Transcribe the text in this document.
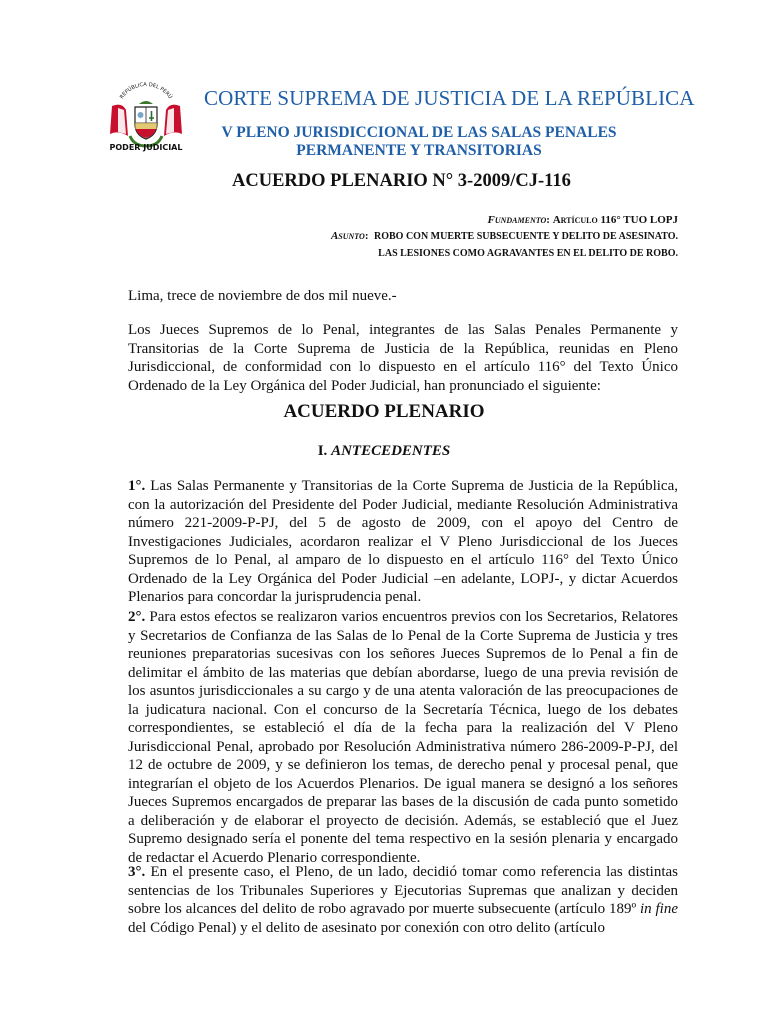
REPÚBLICA DEL PERÚ
PODER JUDICIAL
CORTE SUPREMA DE JUSTICIA DE LA REPÚBLICA
V PLENO JURISDICCIONAL DE LAS SALAS PENALES
PERMANENTE Y TRANSITORIAS
ACUERDO PLENARIO N° 3-2009/CJ-116
Fundamento: Artículo 116° TUO LOPJ
Asunto:  ROBO CON MUERTE SUBSECUENTE Y DELITO DE ASESINATO.
LAS LESIONES COMO AGRAVANTES EN EL DELITO DE ROBO.
Lima, trece de noviembre de dos mil nueve.-
Los Jueces Supremos de lo Penal, integrantes de las Salas Penales Permanente y Transitorias de la Corte Suprema de Justicia de la República, reunidas en Pleno Jurisdiccional, de conformidad con lo dispuesto en el artículo 116° del Texto Único Ordenado de la Ley Orgánica del Poder Judicial, han pronunciado el siguiente:
ACUERDO PLENARIO
I. ANTECEDENTES
1°. Las Salas Permanente y Transitorias de la Corte Suprema de Justicia de la República, con la autorización del Presidente del Poder Judicial, mediante Resolución Administrativa número 221-2009-P-PJ, del 5 de agosto de 2009, con el apoyo del Centro de Investigaciones Judiciales, acordaron realizar el V Pleno Jurisdiccional de los Jueces Supremos de lo Penal, al amparo de lo dispuesto en el artículo 116° del Texto Único Ordenado de la Ley Orgánica del Poder Judicial –en adelante, LOPJ-, y dictar Acuerdos Plenarios para concordar la jurisprudencia penal.
2°. Para estos efectos se realizaron varios encuentros previos con los Secretarios, Relatores y Secretarios de Confianza de las Salas de lo Penal de la Corte Suprema de Justicia y tres reuniones preparatorias sucesivas con los señores Jueces Supremos de lo Penal a fin de delimitar el ámbito de las materias que debían abordarse, luego de una previa revisión de los asuntos jurisdiccionales a su cargo y de una atenta valoración de las preocupaciones de la judicatura nacional. Con el concurso de la Secretaría Técnica, luego de los debates correspondientes, se estableció el día de la fecha para la realización del V Pleno Jurisdiccional Penal, aprobado por Resolución Administrativa número 286-2009-P-PJ, del 12 de octubre de 2009, y se definieron los temas, de derecho penal y procesal penal, que integrarían el objeto de los Acuerdos Plenarios. De igual manera se designó a los señores Jueces Supremos encargados de preparar las bases de la discusión de cada punto sometido a deliberación y de elaborar el proyecto de decisión. Además, se estableció que el Juez Supremo designado sería el ponente del tema respectivo en la sesión plenaria y encargado de redactar el Acuerdo Plenario correspondiente.
3°. En el presente caso, el Pleno, de un lado, decidió tomar como referencia las distintas sentencias de los Tribunales Superiores y Ejecutorias Supremas que analizan y deciden sobre los alcances del delito de robo agravado por muerte subsecuente (artículo 189º in fine del Código Penal) y el delito de asesinato por conexión con otro delito (artículo
